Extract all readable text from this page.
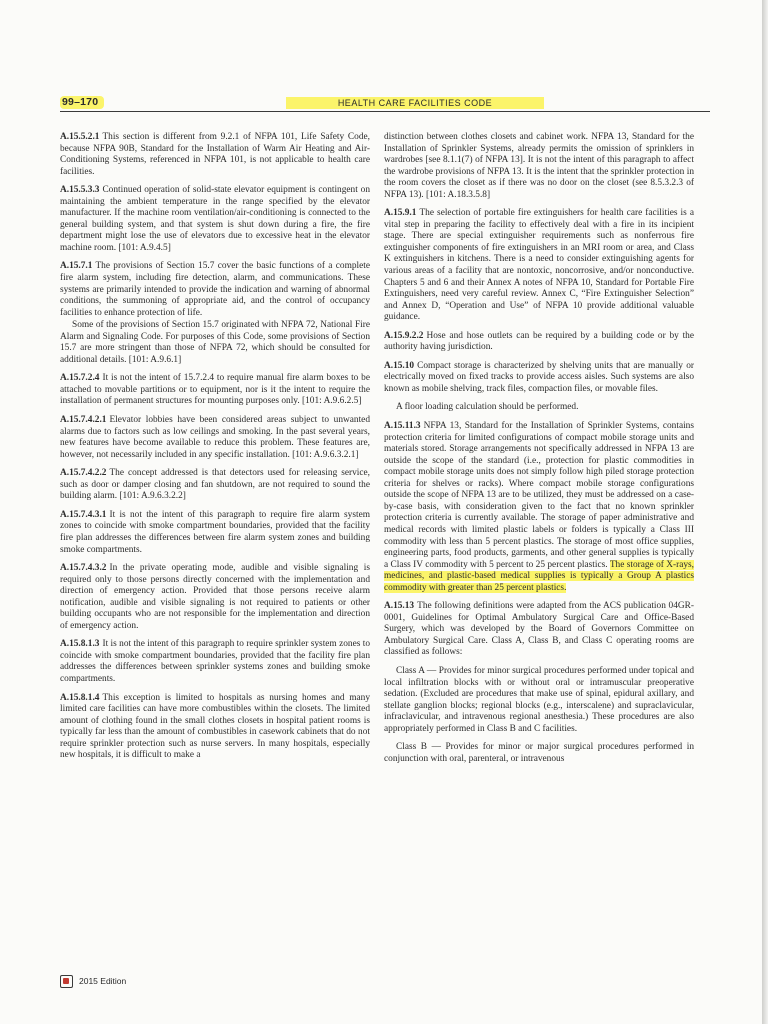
99–170	HEALTH CARE FACILITIES CODE

A.15.5.2.1 This section is different from 9.2.1 of NFPA 101, Life Safety Code, because NFPA 90B, Standard for the Installation of Warm Air Heating and Air-Conditioning Systems, referenced in NFPA 101, is not applicable to health care facilities.

A.15.5.3.3 Continued operation of solid-state elevator equipment is contingent on maintaining the ambient temperature in the range specified by the elevator manufacturer. If the machine room ventilation/air-conditioning is connected to the general building system, and that system is shut down during a fire, the fire department might lose the use of elevators due to excessive heat in the elevator machine room. [101: A.9.4.5]

A.15.7.1 The provisions of Section 15.7 cover the basic functions of a complete fire alarm system, including fire detection, alarm, and communications. These systems are primarily intended to provide the indication and warning of abnormal conditions, the summoning of appropriate aid, and the control of occupancy facilities to enhance protection of life.

Some of the provisions of Section 15.7 originated with NFPA 72, National Fire Alarm and Signaling Code. For purposes of this Code, some provisions of Section 15.7 are more stringent than those of NFPA 72, which should be consulted for additional details. [101: A.9.6.1]

A.15.7.2.4 It is not the intent of 15.7.2.4 to require manual fire alarm boxes to be attached to movable partitions or to equipment, nor is it the intent to require the installation of permanent structures for mounting purposes only. [101: A.9.6.2.5]

A.15.7.4.2.1 Elevator lobbies have been considered areas subject to unwanted alarms due to factors such as low ceilings and smoking. In the past several years, new features have become available to reduce this problem. These features are, however, not necessarily included in any specific installation. [101: A.9.6.3.2.1]

A.15.7.4.2.2 The concept addressed is that detectors used for releasing service, such as door or damper closing and fan shutdown, are not required to sound the building alarm. [101: A.9.6.3.2.2]

A.15.7.4.3.1 It is not the intent of this paragraph to require fire alarm system zones to coincide with smoke compartment boundaries, provided that the facility fire plan addresses the differences between fire alarm system zones and building smoke compartments.

A.15.7.4.3.2 In the private operating mode, audible and visible signaling is required only to those persons directly concerned with the implementation and direction of emergency action. Provided that those persons receive alarm notification, audible and visible signaling is not required to patients or other building occupants who are not responsible for the implementation and direction of emergency action.

A.15.8.1.3 It is not the intent of this paragraph to require sprinkler system zones to coincide with smoke compartment boundaries, provided that the facility fire plan addresses the differences between sprinkler systems zones and building smoke compartments.

A.15.8.1.4 This exception is limited to hospitals as nursing homes and many limited care facilities can have more combustibles within the closets. The limited amount of clothing found in the small clothes closets in hospital patient rooms is typically far less than the amount of combustibles in casework cabinets that do not require sprinkler protection such as nurse servers. In many hospitals, especially new hospitals, it is difficult to make a

distinction between clothes closets and cabinet work. NFPA 13, Standard for the Installation of Sprinkler Systems, already permits the omission of sprinklers in wardrobes [see 8.1.1(7) of NFPA 13]. It is not the intent of this paragraph to affect the wardrobe provisions of NFPA 13. It is the intent that the sprinkler protection in the room covers the closet as if there was no door on the closet (see 8.5.3.2.3 of NFPA 13). [101: A.18.3.5.8]

A.15.9.1 The selection of portable fire extinguishers for health care facilities is a vital step in preparing the facility to effectively deal with a fire in its incipient stage. There are special extinguisher requirements such as nonferrous fire extinguisher components of fire extinguishers in an MRI room or area, and Class K extinguishers in kitchens. There is a need to consider extinguishing agents for various areas of a facility that are nontoxic, noncorrosive, and/or nonconductive. Chapters 5 and 6 and their Annex A notes of NFPA 10, Standard for Portable Fire Extinguishers, need very careful review. Annex C, “Fire Extinguisher Selection” and Annex D, “Operation and Use” of NFPA 10 provide additional valuable guidance.

A.15.9.2.2 Hose and hose outlets can be required by a building code or by the authority having jurisdiction.

A.15.10 Compact storage is characterized by shelving units that are manually or electrically moved on fixed tracks to provide access aisles. Such systems are also known as mobile shelving, track files, compaction files, or movable files.

A floor loading calculation should be performed.

A.15.11.3 NFPA 13, Standard for the Installation of Sprinkler Systems, contains protection criteria for limited configurations of compact mobile storage units and materials stored. Storage arrangements not specifically addressed in NFPA 13 are outside the scope of the standard (i.e., protection for plastic commodities in compact mobile storage units does not simply follow high piled storage protection criteria for shelves or racks). Where compact mobile storage configurations outside the scope of NFPA 13 are to be utilized, they must be addressed on a case-by-case basis, with consideration given to the fact that no known sprinkler protection criteria is currently available. The storage of paper administrative and medical records with limited plastic labels or folders is typically a Class III commodity with less than 5 percent plastics. The storage of most office supplies, engineering parts, food products, garments, and other general supplies is typically a Class IV commodity with 5 percent to 25 percent plastics. The storage of X-rays, medicines, and plastic-based medical supplies is typically a Group A plastics commodity with greater than 25 percent plastics.

A.15.13 The following definitions were adapted from the ACS publication 04GR-0001, Guidelines for Optimal Ambulatory Surgical Care and Office-Based Surgery, which was developed by the Board of Governors Committee on Ambulatory Surgical Care. Class A, Class B, and Class C operating rooms are classified as follows:

Class A — Provides for minor surgical procedures performed under topical and local infiltration blocks with or without oral or intramuscular preoperative sedation. (Excluded are procedures that make use of spinal, epidural axillary, and stellate ganglion blocks; regional blocks (e.g., interscalene) and supraclavicular, infraclavicular, and intravenous regional anesthesia.) These procedures are also appropriately performed in Class B and C facilities.

Class B — Provides for minor or major surgical procedures performed in conjunction with oral, parenteral, or intravenous

2015 Edition
